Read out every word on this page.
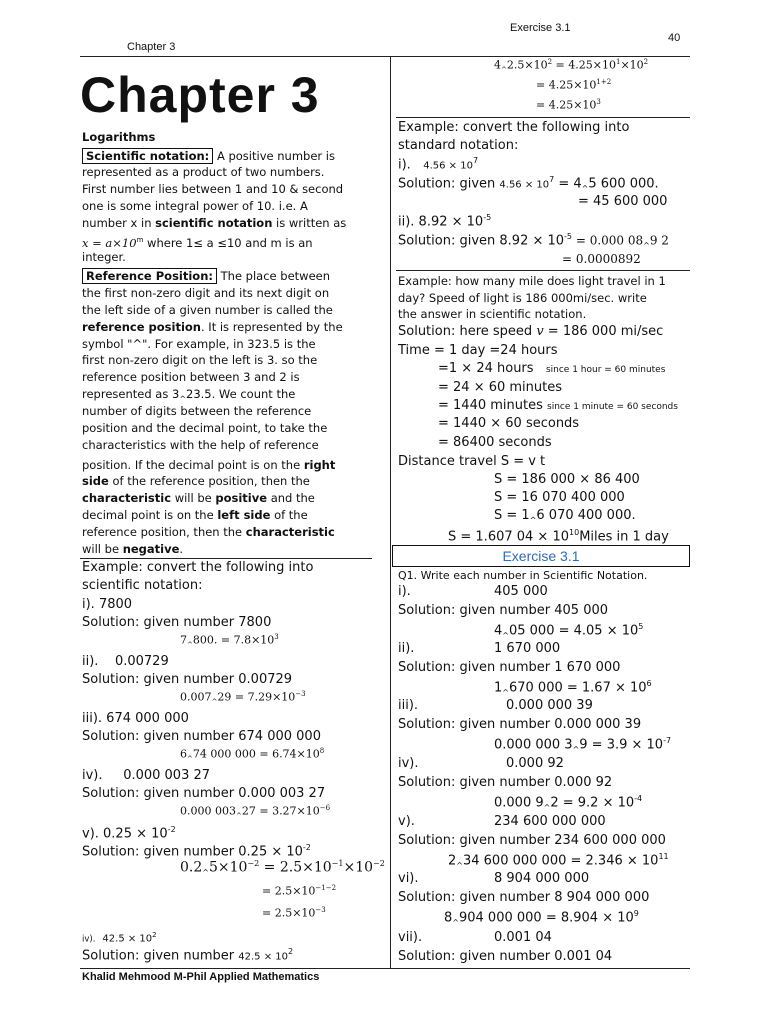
Exercise 3.1
40
Chapter 3
Chapter 3
Logarithms
Scientific notation: A positive number is
represented as a product of two numbers.
First number lies between 1 and 10 & second
one is some integral power of 10. i.e. A
number x in scientific notation is written as
$x = a\times 10^m$ where 1≤ a ≤10 and m is an
integer.
Reference Position: The place between
the first non-zero digit and its next digit on
the left side of a given number is called the
reference position. It is represented by the
symbol "^". For example, in 323.5 is the
first non-zero digit on the left is 3. so the
reference position between 3 and 2 is
represented as $3_{\^{}}23.5$. We count the
number of digits between the reference
position and the decimal point, to take the
characteristics with the help of reference
position. If the decimal point is on the right
side of the reference position, then the
characteristic will be positive and the
decimal point is on the left side of the
reference position, then the characteristic
will be negative.
Example: convert the following into
scientific notation:
i). 7800
Solution: given number 7800
$7_{\^{}}800$. = $7.8\times 10^3$
ii). 0.00729
Solution: given number 0.00729
$0.007_{\^{}}29 = 7.29\times 10^{-3}$
iii). 674 000 000
Solution: given number 674 000 000
$6_{\^{}}74$ 000 $000 = 6.74\times 10^8$
iv). 0.000 003 27
Solution: given number 0.000 003 27
0.000 $003_{\^{}}27 = 3.27\times 10^{-6}$
v). $0.25 \times 10^{-2}$
Solution: given number $0.25 \times 10^{-2}$
$0.2_{\^{}}5\times 10^{-2} = 2.5\times 10^{-1}\times 10^{-2}$
= $2.5\times 10^{-1-2}$
= $2.5\times 10^{-3}$
iv). $42.5 \times 10^2$
Solution: given number $42.5 \times 10^2$
$4_{\^{}}2.5\times 10^2 = 4.25\times 10^1\times 10^2$
= $4.25\times 10^{1+2}$
= $4.25\times 10^3$
Example: convert the following into
standard notation:
i). $4.56 \times 10^7$
Solution: given $4.56 \times 10^7 = 4_{\^{}}5$ 600 000.
= 45 600 000
ii). $8.92 \times 10^{-5}$
Solution: given $8.92 \times 10^{-5} = 0.000$ $08_{\^{}}9$ 2
= 0.0000892
Example: how many mile does light travel in 1
day? Speed of light is 186 000mi/sec. write
the answer in scientific notation.
Solution: here speed v = 186 000 mi/sec
Time = 1 day =24 hours
=1 × 24 hours since 1 hour = 60 minutes
= 24 × 60 minutes
= 1440 minutes since 1 minute = 60 seconds
= 1440 × 60 seconds
= 86400 seconds
Distance travel S = v t
S = 186 000 × 86 400
S = 16 070 400 000
$S = 1_{\^{}}6$ 070 400 000.
S = 1.607 $04 \times 10^{10}Miles$ in 1 day
Exercise 3.1
Q1. Write each number in Scientific Notation.
i).	405 000
Solution: given number 405 000
$4_{\^{}}05$ $000 = 4.05 \times 10^5$
ii).	1 670 000
Solution: given number 1 670 000
$1_{\^{}}670$ $000 = 1.67 \times 10^6$
iii).	0.000 000 39
Solution: given number 0.000 000 39
0.000 000 $3_{\^{}}9 = 3.9 \times 10^{-7}$
iv).	0.000 92
Solution: given number 0.000 92
0.000 $9_{\^{}}2 = 9.2 \times 10^{-4}$
v).	234 600 000 000
Solution: given number 234 600 000 000
$2_{\^{}}34$ 600 000 $000 = 2.346 \times 10^{11}$
vi).	8 904 000 000
Solution: given number 8 904 000 000
$8_{\^{}}904$ 000 $000 = 8.904 \times 10^9$
vii).	0.001 04
Solution: given number 0.001 04
Khalid Mehmood M-Phil Applied Mathematics
